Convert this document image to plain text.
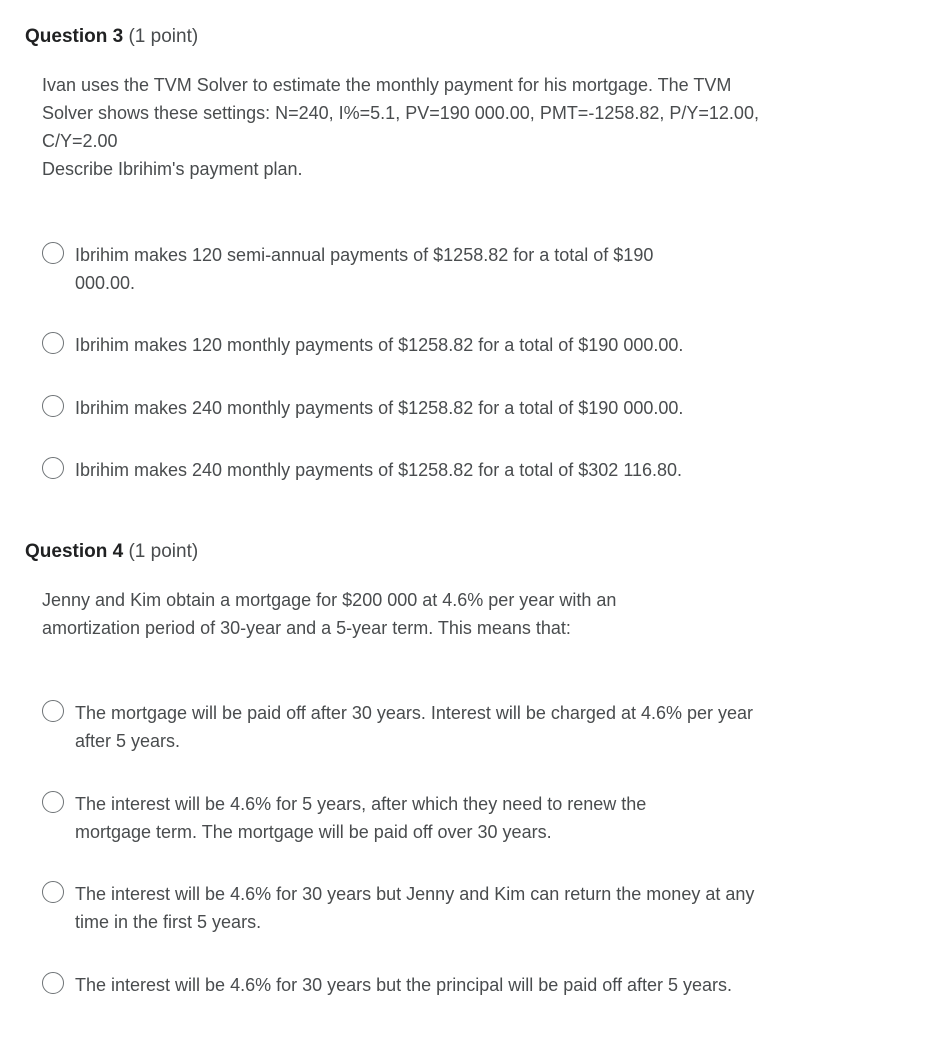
Question 3 (1 point)

Ivan uses the TVM Solver to estimate the monthly payment for his mortgage. The TVM Solver shows these settings: N=240, I%=5.1, PV=190 000.00, PMT=-1258.82, P/Y=12.00, C/Y=2.00

Describe Ibrihim's payment plan.

Ibrihim makes 120 semi-annual payments of $1258.82 for a total of $190 000.00.
Ibrihim makes 120 monthly payments of $1258.82 for a total of $190 000.00.
Ibrihim makes 240 monthly payments of $1258.82 for a total of $190 000.00.
Ibrihim makes 240 monthly payments of $1258.82 for a total of $302 116.80.
Question 4 (1 point)

Jenny and Kim obtain a mortgage for $200 000 at 4.6% per year with an amortization period of 30-year and a 5-year term. This means that:

The mortgage will be paid off after 30 years. Interest will be charged at 4.6% per year after 5 years.
The interest will be 4.6% for 5 years, after which they need to renew the mortgage term. The mortgage will be paid off over 30 years.
The interest will be 4.6% for 30 years but Jenny and Kim can return the money at any time in the first 5 years.
The interest will be 4.6% for 30 years but the principal will be paid off after 5 years.
